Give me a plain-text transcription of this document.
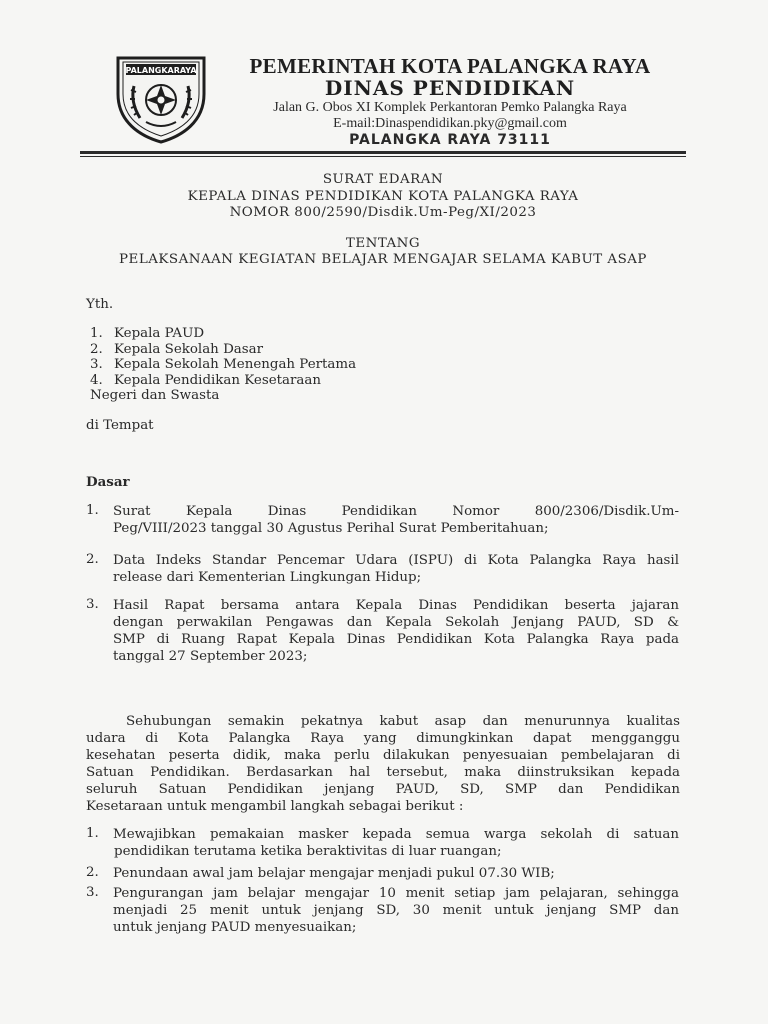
PALANGKARAYA	PEMERINTAH KOTA PALANGKA RAYA
DINAS PENDIDIKAN
Jalan G. Obos XI Komplek Perkantoran Pemko Palangka Raya
E-mail:Dinaspendidikan.pky@gmail.com
PALANGKA RAYA 73111
SURAT EDARAN
KEPALA DINAS PENDIDIKAN KOTA PALANGKA RAYA
NOMOR 800/2590/Disdik.Um-Peg/XI/2023
TENTANG
PELAKSANAAN KEGIATAN BELAJAR MENGAJAR SELAMA KABUT ASAP
Yth.
1. Kepala PAUD
2. Kepala Sekolah Dasar
3. Kepala Sekolah Menengah Pertama
4. Kepala Pendidikan Kesetaraan
Negeri dan Swasta
di Tempat
Dasar
1. Surat Kepala Dinas Pendidikan Nomor 800/2306/Disdik.Um-
Peg/VIII/2023 tanggal 30 Agustus Perihal Surat Pemberitahuan;
2. Data Indeks Standar Pencemar Udara (ISPU) di Kota Palangka Raya hasil
release dari Kementerian Lingkungan Hidup;
3. Hasil Rapat bersama antara Kepala Dinas Pendidikan beserta jajaran
dengan perwakilan Pengawas dan Kepala Sekolah Jenjang PAUD, SD &
SMP di Ruang Rapat Kepala Dinas Pendidikan Kota Palangka Raya pada
tanggal 27 September 2023;
Sehubungan semakin pekatnya kabut asap dan menurunnya kualitas
udara di Kota Palangka Raya yang dimungkinkan dapat mengganggu
kesehatan peserta didik, maka perlu dilakukan penyesuaian pembelajaran di
Satuan Pendidikan. Berdasarkan hal tersebut, maka diinstruksikan kepada
seluruh Satuan Pendidikan jenjang PAUD, SD, SMP dan Pendidikan
Kesetaraan untuk mengambil langkah sebagai berikut :
1. Mewajibkan pemakaian masker kepada semua warga sekolah di satuan
pendidikan terutama ketika beraktivitas di luar ruangan;
2. Penundaan awal jam belajar mengajar menjadi pukul 07.30 WIB;
3. Pengurangan jam belajar mengajar 10 menit setiap jam pelajaran, sehingga
menjadi 25 menit untuk jenjang SD, 30 menit untuk jenjang SMP dan
untuk jenjang PAUD menyesuaikan;
